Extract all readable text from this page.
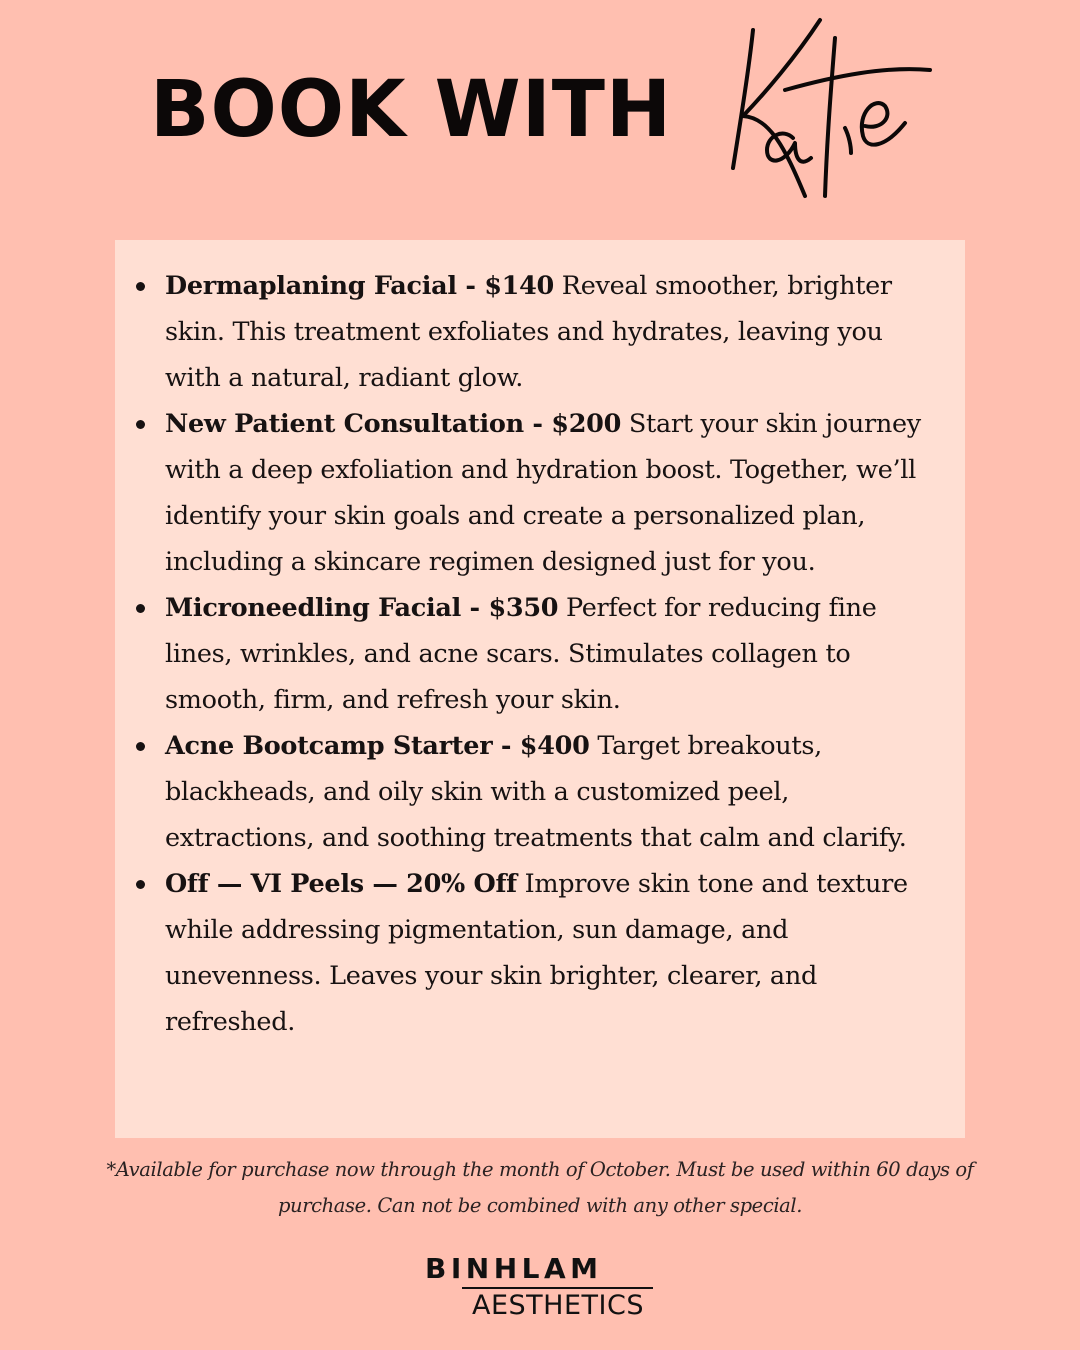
BOOK WITH
Dermaplaning Facial - $140 Reveal smoother, brighter skin. This treatment exfoliates and hydrates, leaving you with a natural, radiant glow.
New Patient Consultation - $200 Start your skin journey with a deep exfoliation and hydration boost. Together, we’ll identify your skin goals and create a personalized plan, including a skincare regimen designed just for you.
Microneedling Facial - $350 Perfect for reducing fine lines, wrinkles, and acne scars. Stimulates collagen to smooth, firm, and refresh your skin.
Acne Bootcamp Starter - $400 Target breakouts, blackheads, and oily skin with a customized peel, extractions, and soothing treatments that calm and clarify.
Off — VI Peels — 20% Off Improve skin tone and texture while addressing pigmentation, sun damage, and unevenness. Leaves your skin brighter, clearer, and refreshed.
*Available for purchase now through the month of October. Must be used within 60 days of purchase. Can not be combined with any other special.
BINHLAM
AESTHETICS
